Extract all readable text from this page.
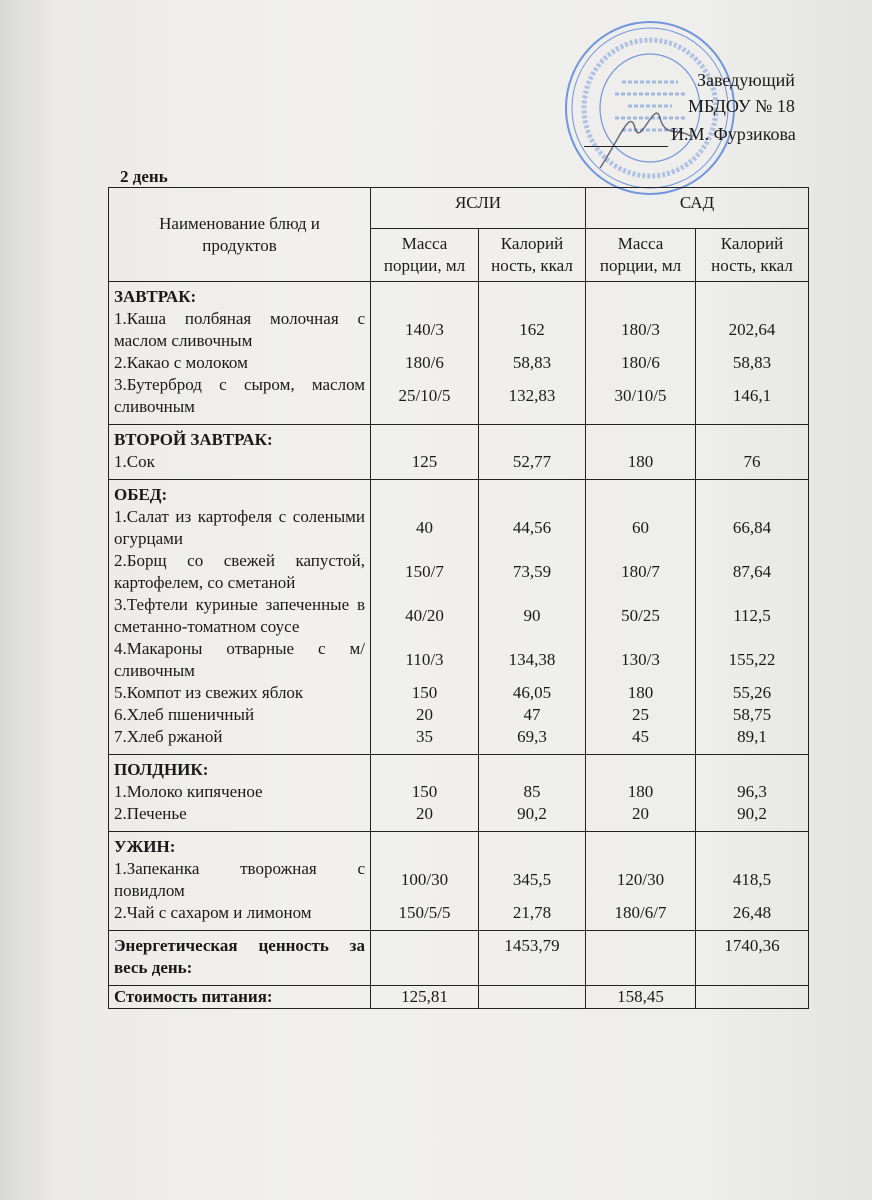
Заведующий
МБДОУ № 18
И.М. Фурзикова
2 день
Наименование блюд и продуктов	ЯСЛИ		САД	
	Масса порции, мл	Калорий ность, ккал	Масса порции, мл	Калорий ность, ккал
ЗАВТРАК:				
1.Каша полбяная молочная с маслом сливочным	140/3	162	180/3	202,64
2.Какао с молоком	180/6	58,83	180/6	58,83
3.Бутерброд с сыром, маслом сливочным	25/10/5	132,83	30/10/5	146,1
ВТОРОЙ ЗАВТРАК:				
1.Сок	125	52,77	180	76
ОБЕД:				
1.Салат из картофеля с солеными огурцами	40	44,56	60	66,84
2.Борщ со свежей капустой, картофелем, со сметаной	150/7	73,59	180/7	87,64
3.Тефтели куриные запеченные в сметанно-томатном соусе	40/20	90	50/25	112,5
4.Макароны отварные с м/сливочным	110/3	134,38	130/3	155,22
5.Компот из свежих яблок	150	46,05	180	55,26
6.Хлеб пшеничный	20	47	25	58,75
7.Хлеб ржаной	35	69,3	45	89,1
ПОЛДНИК:				
1.Молоко кипяченое	150	85	180	96,3
2.Печенье	20	90,2	20	90,2
УЖИН:				
1.Запеканка творожная с повидлом	100/30	345,5	120/30	418,5
2.Чай с сахаром и лимоном	150/5/5	21,78	180/6/7	26,48
Энергетическая ценность за весь день:		1453,79		1740,36
Стоимость питания:	125,81		158,45	
